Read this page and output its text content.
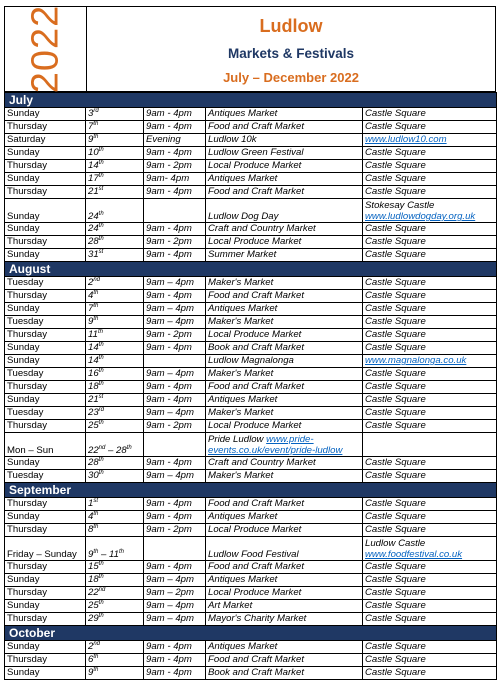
2022	Ludlow
Markets & Festivals
July – December 2022
July				
Sunday	3rd	9am - 4pm	Antiques Market	Castle Square
Thursday	7th	9am - 4pm	Food and Craft Market	Castle Square
Saturday	9th	Evening	Ludlow 10k	www.ludlow10.com
Sunday	10th	9am - 4pm	Ludlow Green Festival	Castle Square
Thursday	14th	9am - 2pm	Local Produce Market	Castle Square
Sunday	17th	9am- 4pm	Antiques Market	Castle Square
Thursday	21st	9am - 4pm	Food and Craft Market	Castle Square
Sunday	24th		Ludlow Dog Day	Stokesay Castle
www.ludlowdogday.org.uk

Sunday	24th	9am - 4pm	Craft and Country Market	Castle Square
Thursday	28th	9am - 2pm	Local Produce Market	Castle Square
Sunday	31st	9am - 4pm	Summer Market	Castle Square
August				
Tuesday	2nd	9am – 4pm	Maker's Market	Castle Square
Thursday	4th	9am - 4pm	Food and Craft Market	Castle Square
Sunday	7th	9am – 4pm	Antiques Market	Castle Square
Tuesday	9th	9am – 4pm	Maker's Market	Castle Square
Thursday	11th	9am - 2pm	Local Produce Market	Castle Square
Sunday	14th	9am - 4pm	Book and Craft Market	Castle Square
Sunday	14th		Ludlow Magnalonga	www.magnalonga.co.uk
Tuesday	16th	9am – 4pm	Maker's Market	Castle Square
Thursday	18th	9am - 4pm	Food and Craft Market	Castle Square
Sunday	21st	9am - 4pm	Antiques Market	Castle Square
Tuesday	23rd	9am – 4pm	Maker's Market	Castle Square
Thursday	25th	9am - 2pm	Local Produce Market	Castle Square
Mon – Sun	22nd – 28th		Pride Ludlow www.pride-events.co.uk/event/pride-ludlow	
Sunday	28th	9am - 4pm	Craft and Country Market	Castle Square
Tuesday	30th	9am – 4pm	Maker's Market	Castle Square
September				
Thursday	1st	9am - 4pm	Food and Craft Market	Castle Square
Sunday	4th	9am - 4pm	Antiques Market	Castle Square
Thursday	8th	9am - 2pm	Local Produce Market	Castle Square
Friday – Sunday	9th – 11th		Ludlow Food Festival	Ludlow Castle
www.foodfestival.co.uk

Thursday	15th	9am - 4pm	Food and Craft Market	Castle Square
Sunday	18th	9am – 4pm	Antiques Market	Castle Square
Thursday	22nd	9am – 2pm	Local Produce Market	Castle Square
Sunday	25th	9am – 4pm	Art Market	Castle Square
Thursday	29th	9am – 4pm	Mayor's Charity Market	Castle Square
October				
Sunday	2nd	9am - 4pm	Antiques Market	Castle Square
Thursday	6th	9am - 4pm	Food and Craft Market	Castle Square
Sunday	9th	9am - 4pm	Book and Craft Market	Castle Square
